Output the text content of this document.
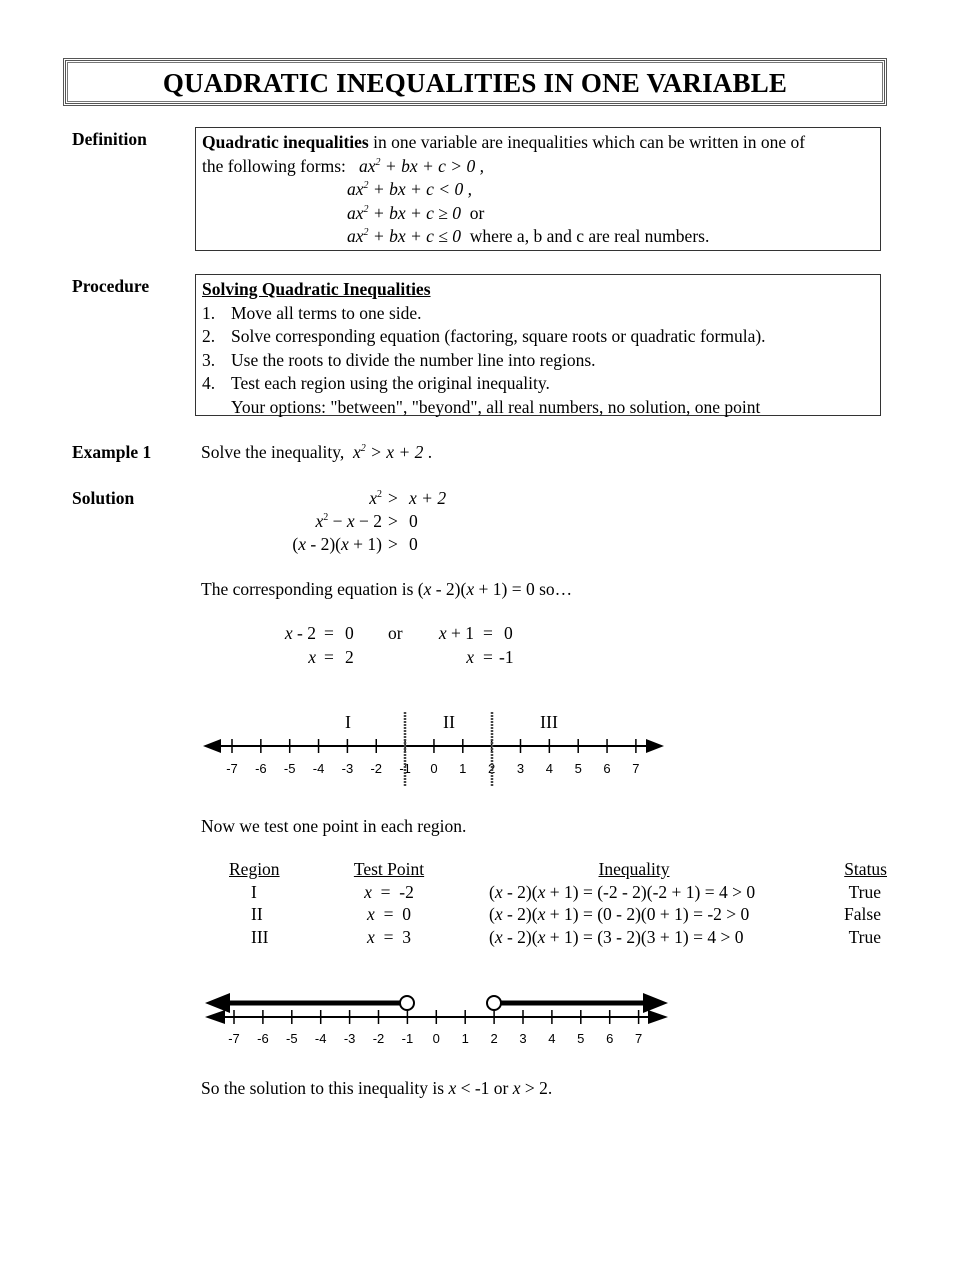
QUADRATIC INEQUALITIES IN ONE VARIABLE
Definition	Quadratic inequalities in one variable are inequalities which can be written in one of
the following forms: $ax^2$ + bx + c > 0 ,
$ax^2$ + bx + c < 0 ,
$ax^2$ + bx + c ≥ 0  or
$ax^2$ + bx + c ≤ 0  where a, b and c are real numbers.
Procedure	Solving Quadratic Inequalities
1. Move all terms to one side.
2. Solve corresponding equation (factoring, square roots or quadratic formula).
3. Use the roots to divide the number line into regions.
4. Test each region using the original inequality.
Your options: "between", "beyond", all real numbers, no solution, one point
Example 1	Solve the inequality, $x^2 > x + 2$ .
Solution	$x^2 > x + 2$
$x^2 - x - 2 > 0$
(x - 2)(x + 1) > 0
The corresponding equation is (x - 2)(x + 1) = 0 so…
x - 2 = 0
x = 2
or	x + 1 = 0
x = -1
-7 -6 -5 -4 -3 -2 -1 0 1 2 3 4 5 6 7
I	II	III
Now we test one point in each region.
Region	Test Point	Inequality	Status
I	x  =  -2	(x - 2)(x + 1) = (-2 - 2)(-2 + 1) = 4 > 0	True
II	x  =  0	(x - 2)(x + 1) = (0 - 2)(0 + 1) = -2 > 0	False
III	x  =  3	(x - 2)(x + 1) = (3 - 2)(3 + 1) = 4 > 0	True
-7 -6 -5 -4 -3 -2 -1 0 1 2 3 4 5 6 7
So the solution to this inequality is x < -1 or x > 2.
